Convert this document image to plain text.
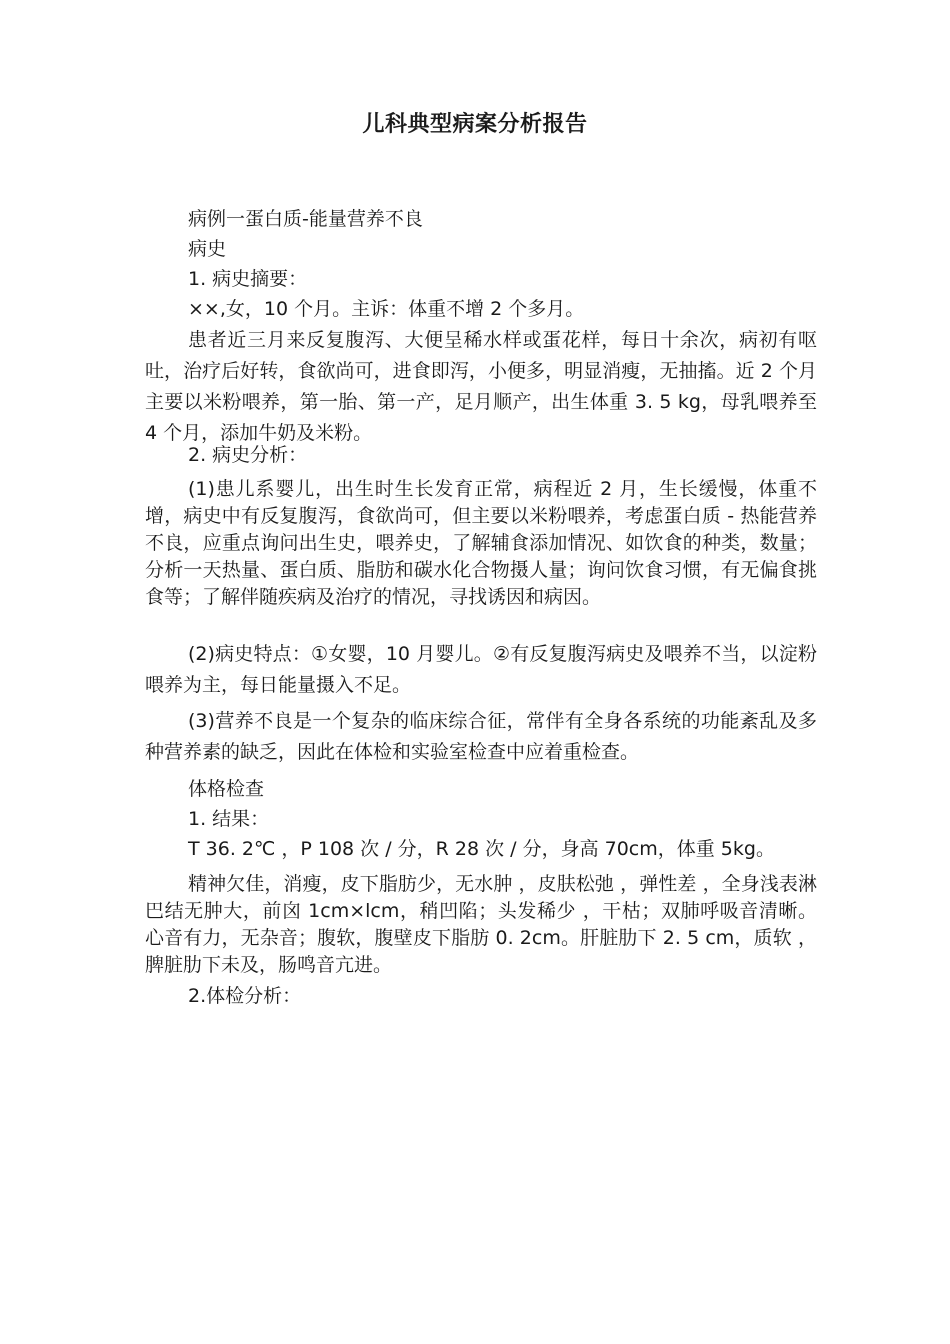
儿科典型病案分析报告
病例一蛋白质-能量营养不良
病史
1. 病史摘要：
××,女，10 个月。主诉：体重不增 2 个多月。
患者近三月来反复腹泻、大便呈稀水样或蛋花样，每日十余次，病初有呕吐，治疗后好转，食欲尚可，进食即泻，小便多，明显消瘦，无抽搐。近 2 个月主要以米粉喂养，第一胎、第一产，足月顺产，出生体重 3. 5 kg，母乳喂养至 4 个月，添加牛奶及米粉。
2. 病史分析：
(1)患儿系婴儿，出生时生长发育正常，病程近 2 月，生长缓慢，体重不增，病史中有反复腹泻，食欲尚可，但主要以米粉喂养，考虑蛋白质 - 热能营养不良，应重点询问出生史，喂养史，了解辅食添加情况、如饮食的种类，数量；分析一天热量、蛋白质、脂肪和碳水化合物摄人量；询问饮食习惯，有无偏食挑食等；了解伴随疾病及治疗的情况，寻找诱因和病因。
(2)病史特点：①女婴，10 月婴儿。②有反复腹泻病史及喂养不当，以淀粉喂养为主，每日能量摄入不足。
(3)营养不良是一个复杂的临床综合征，常伴有全身各系统的功能紊乱及多种营养素的缺乏，因此在体检和实验室检查中应着重检查。
体格检查
1. 结果：
T 36. 2℃ ，P 108 次 / 分，R 28 次 / 分，身高 70cm，体重 5kg。
精神欠佳，消瘦，皮下脂肪少，无水肿 ，皮肤松弛 ，弹性差 ，全身浅表淋巴结无肿大，前囟 1cm×lcm，稍凹陷；头发稀少 ，干枯；双肺呼吸音清晰。心音有力，无杂音；腹软，腹壁皮下脂肪 0. 2cm。肝脏肋下 2. 5 cm，质软 ，脾脏肋下未及，肠鸣音亢进。
2.体检分析：
